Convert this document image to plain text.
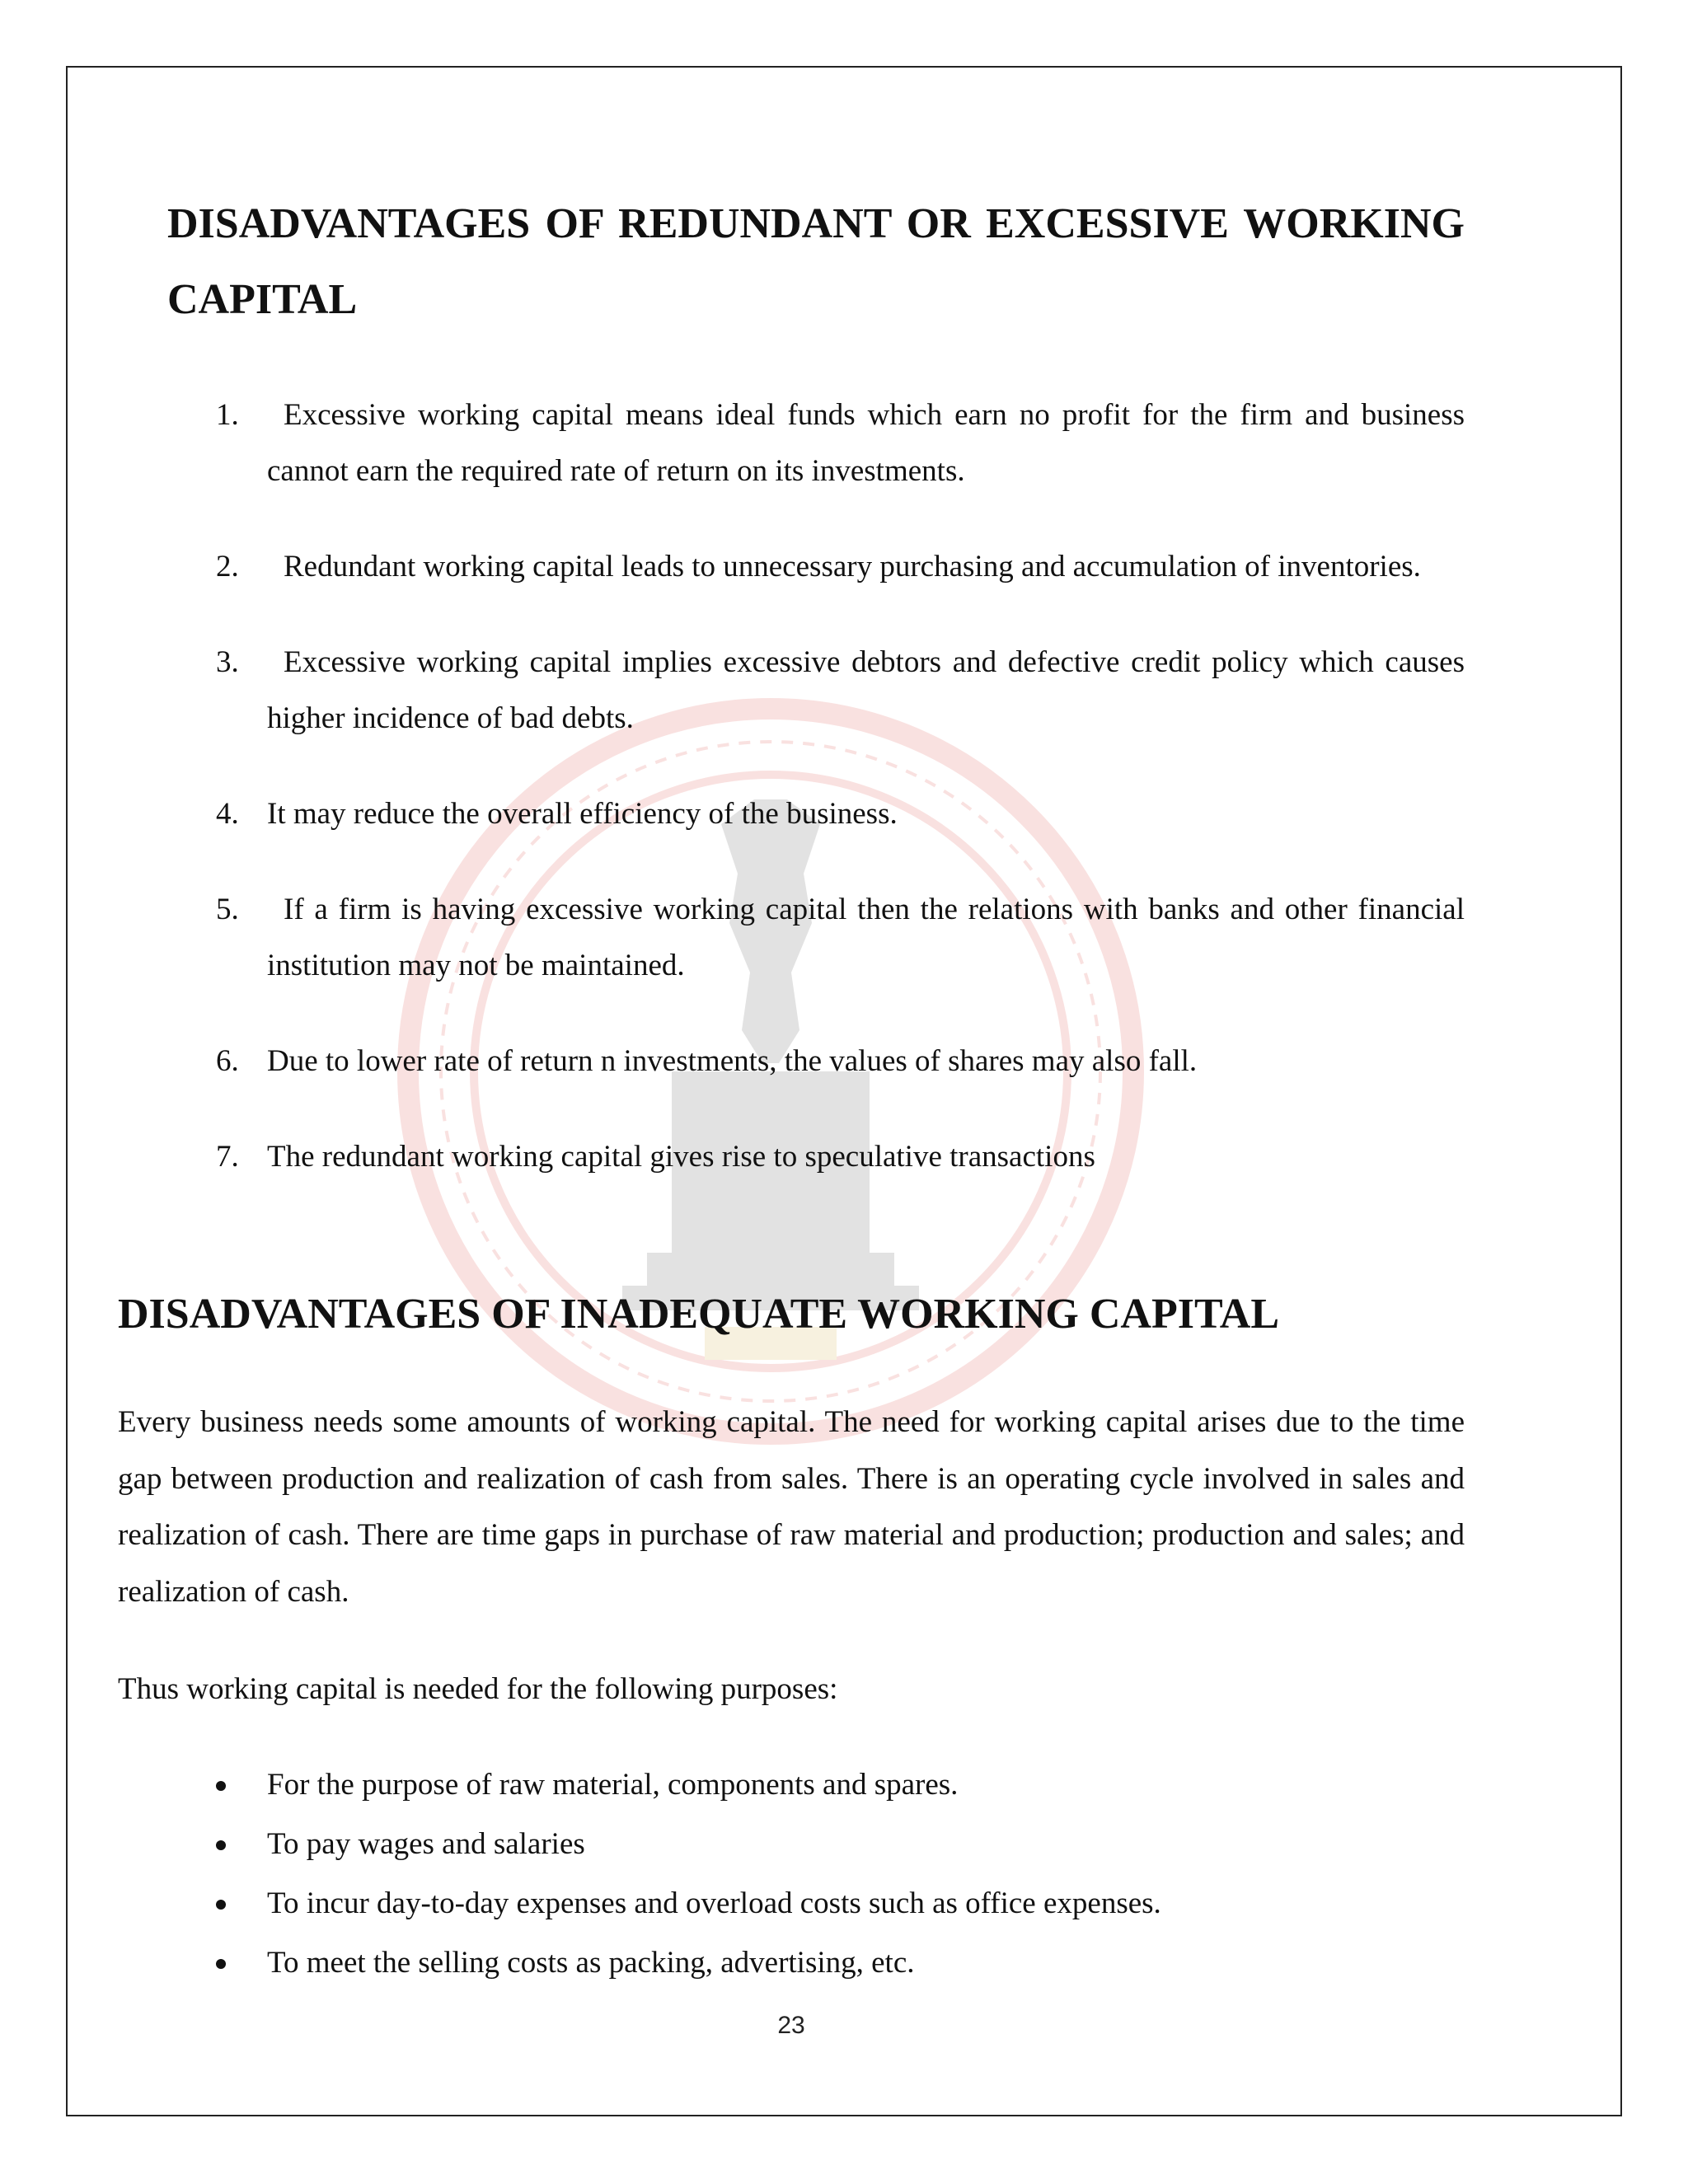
DISADVANTAGES OF REDUNDANT OR EXCESSIVE WORKING CAPITAL
1. Excessive working capital means ideal funds which earn no profit for the firm and business cannot earn the required rate of return on its investments.
2. Redundant working capital leads to unnecessary purchasing and accumulation of inventories.
3. Excessive working capital implies excessive debtors and defective credit policy which causes higher incidence of bad debts.
4. It may reduce the overall efficiency of the business.
5. If a firm is having excessive working capital then the relations with banks and other financial institution may not be maintained.
6. Due to lower rate of return n investments, the values of shares may also fall.
7. The redundant working capital gives rise to speculative transactions
DISADVANTAGES OF INADEQUATE WORKING CAPITAL

Every business needs some amounts of working capital. The need for working capital arises due to the time gap between production and realization of cash from sales. There is an operating cycle involved in sales and realization of cash. There are time gaps in purchase of raw material and production; production and sales; and realization of cash.

Thus working capital is needed for the following purposes:

For the purpose of raw material, components and spares.
To pay wages and salaries
To incur day-to-day expenses and overload costs such as office expenses.
To meet the selling costs as packing, advertising, etc.
23
